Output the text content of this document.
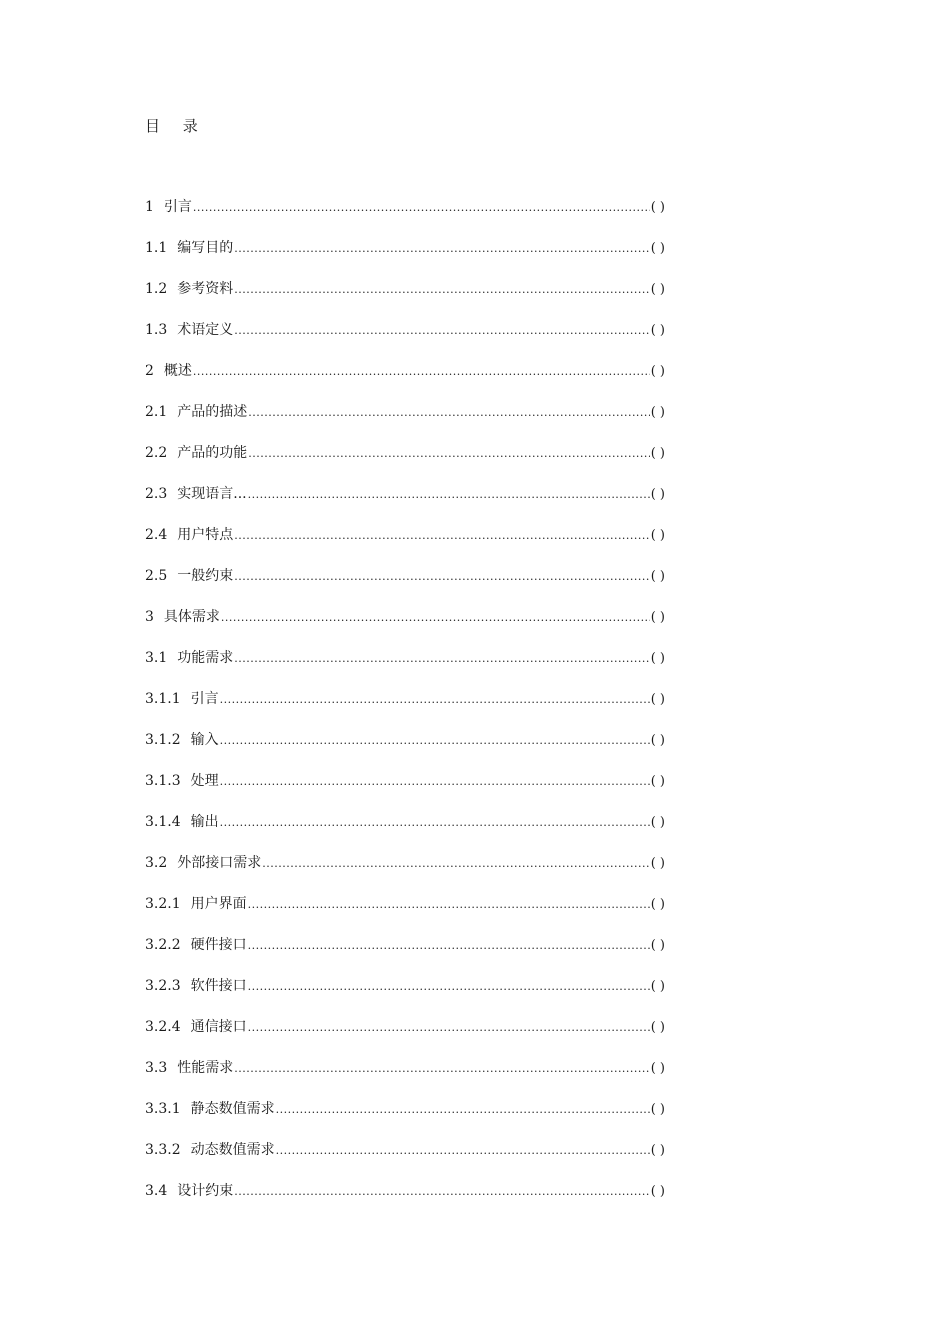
目 录
1 引言 .....	( )
1.1 编写目的 .....	( )
1.2 参考资料 .....	( )
1.3 术语定义 .....	( )
2 概述 .....	( )
2.1 产品的描述 .....	( )
2.2 产品的功能 .....	( )
2.3 实现语言... .....	( )
2.4 用户特点 .....	( )
2.5 一般约束 .....	( )
3 具体需求 .....	( )
3.1 功能需求 .....	( )
3.1.1 引言 .....	( )
3.1.2 输入 .....	( )
3.1.3 处理 .....	( )
3.1.4 输出 .....	( )
3.2 外部接口需求 .....	( )
3.2.1 用户界面 .....	( )
3.2.2 硬件接口 .....	( )
3.2.3 软件接口 .....	( )
3.2.4 通信接口 .....	( )
3.3 性能需求 .....	( )
3.3.1 静态数值需求 .....	( )
3.3.2 动态数值需求 .....	( )
3.4 设计约束 .....	( )
